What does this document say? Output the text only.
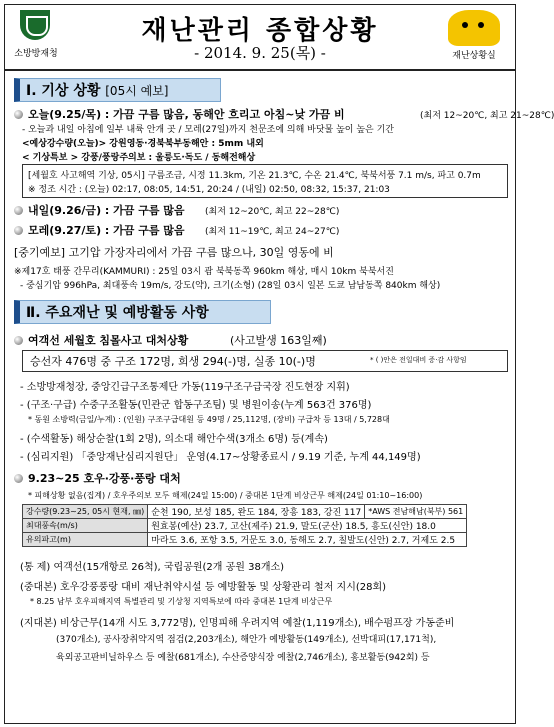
소방방재청
재난관리 종합상황
- 2014. 9. 25(목) -	재난상황실
Ⅰ. 기상 상황 [05시 예보]
오늘(9.25/목) : 가끔 구름 많음, 동해안 흐리고 아침~낮 가끔 비	(최저 12~20℃, 최고 21~28℃)
- 오늘과 내일 아침에 일부 내륙 안개 곳 / 모레(27일)까지 천문조에 의해 바닷물 높이 높은 기간
<예상강수량(오늘)> 강원영동·경북북부동해안 : 5mm 내외
< 기상특보 > 강풍/풍랑주의보 : 울릉도·독도 / 동해전해상
[세월호 사고해역 기상, 05시] 구름조금, 시정 11.3km, 기온 21.3℃, 수온 21.4℃, 북북서풍 7.1 m/s, 파고 0.7m
※ 정조 시간 : (오늘) 02:17, 08:05, 14:51, 20:24 / (내일) 02:50, 08:32, 15:37, 21:03
내일(9.26/금) : 가끔 구름 많음 (최저 12~20℃, 최고 22~28℃)
모레(9.27/토) : 가끔 구름 많음 (최저 11~19℃, 최고 24~27℃)
[중기예보] 고기압 가장자리에서 가끔 구름 많으나, 30일 영동에 비
※제17호 태풍 간무리(KAMMURI) : 25일 03시 괌 북북동쪽 960km 해상, 매시 10km 북북서진
- 중심기압 996hPa, 최대풍속 19m/s, 강도(약), 크기(소형) (28일 03시 일본 도쿄 남남동쪽 840km 해상)
Ⅱ. 주요재난 및 예방활동 사항
여객선 세월호 침몰사고 대처상황	(사고발생 163일째)
승선자 476명 중 구조 172명, 희생 294(-)명, 실종 10(-)명	* ( )안은 전일대비 증·감 사항임
- 소방방재청장, 중앙긴급구조통제단 가동(119구조구급국장 진도현장 지휘)
- (구조·구급) 수중구조활동(민관군 합동구조팀) 및 병원이송(누계 563건 376명)
* 동원 소방력(금일/누계) : (인원) 구조구급대원 등 49명 / 25,112명, (장비) 구급차 등 13대 / 5,728대
- (수색활동) 해상순찰(1회 2명), 의소대 해안수색(3개소 6명) 등(계속)
- (심리지원) 「중앙재난심리지원단」 운영(4.17~상황종료시 / 9.19 기준, 누계 44,149명)
9.23~25 호우·강풍·풍랑 대처
* 피해상황 없음(집계) / 호우주의보 모두 해제(24일 15:00) / 중대본 1단계 비상근무 해제(24일 01:10~16:00)
강수량(9.23~25, 05시 현재, ㎜)	순천 190, 보성 185, 완도 184, 장흥 183, 강진 117	*AWS 전남해남(북부) 561
최대풍속(m/s)	원효봉(예산) 23.7, 고산(제주) 21.9, 말도(군산) 18.5, 흥도(신안) 18.0	
유의파고(m)	마라도 3.6, 포항 3.5, 거문도 3.0, 동해도 2.7, 칠발도(신안) 2.7, 거제도 2.5	
(통 제) 여객선(15개항로 26척), 국립공원(2개 공원 38개소)
(중대본) 호우강풍풍랑 대비 재난취약시설 등 예방활동 및 상황관리 철저 지시(28회)
* 8.25 남부 호우피해지역 특별관리 및 기상청 지역특보에 따라 중대본 1단계 비상근무
(지대본) 비상근무(14개 시도 3,772명), 인명피해 우려지역 예찰(1,119개소), 배수펌프장 가동준비
(370개소), 공사장취약지역 점검(2,203개소), 해안가 예방활동(149개소), 선박대피(17,171척),
육외공고판비닐하우스 등 예찰(681개소), 수산증양식장 예찰(2,746개소), 홍보활동(942회) 등
